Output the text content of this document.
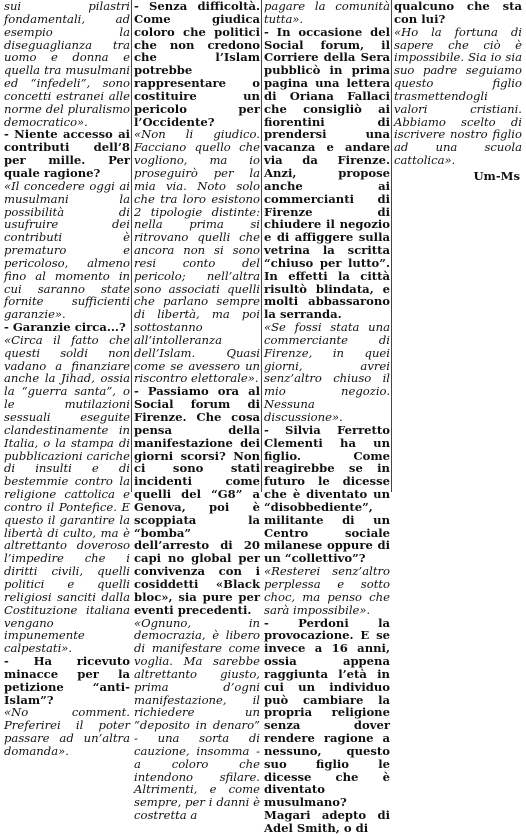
sui pilastri fondamentali, ad esempio la diseguaglianza tra uomo e donna e quella tra musulmani ed “infedeli”, sono concetti estranei alle norme del pluralismo democratico».

- Niente accesso ai contributi dell’8 per mille. Per quale ragione?

«Il concedere oggi ai musulmani la possibilità di usufruire dei contributi è prematuro e pericoloso, almeno fino al momento in cui saranno state fornite sufficienti garanzie».

- Garanzie circa...?

«Circa il fatto che questi soldi non vadano a finanziare anche la Jihad, ossia la “guerra santa”, o le mutilazioni sessuali eseguite clandestinamente in Italia, o la stampa di pubblicazioni cariche di insulti e di bestemmie contro la religione cattolica e contro il Pontefice. E questo il garantire la libertà di culto, ma è altrettanto doveroso l’impedire che i diritti civili, quelli politici e quelli religiosi sanciti dalla Costituzione italiana vengano impunemente calpestati».

- Ha ricevuto minacce per la petizione “anti-Islam”?

«No comment. Preferirei il poter passare ad un’altra domanda».

- Senza difficoltà. Come giudica coloro che politici che non credono che l’Islam potrebbe rappresentare o costituire un pericolo per l’Occidente?

«Non li giudico. Facciano quello che vogliono, ma io proseguirò per la mia via. Noto solo che tra loro esistono 2 tipologie distinte: nella prima si ritrovano quelli che ancora non si sono resi conto del pericolo; nell’altra sono associati quelli che parlano sempre di libertà, ma poi sottostanno all’intolleranza dell’Islam. Quasi come se avessero un riscontro elettorale».

- Passiamo ora al Social forum di Firenze. Che cosa pensa della manifestazione dei giorni scorsi? Non ci sono stati incidenti come quelli del “G8” a Genova, poi è scoppiata la “bomba” dell’arresto di 20 capi no global per convivenza con i cosiddetti «Black bloc», sia pure per eventi precedenti.

«Ognuno, in democrazia, è libero di manifestare come voglia. Ma sarebbe altrettanto giusto, prima d’ogni manifestazione, il richiedere un “deposito in denaro” - una sorta di cauzione, insomma - a coloro che intendono sfilare. Altrimenti, e come sempre, per i danni è costretta a

pagare la comunità tutta».

- In occasione del Social forum, il Corriere della Sera pubblicò in prima pagina una lettera di Oriana Fallaci che consigliò ai fiorentini di prendersi una vacanza e andare via da Firenze. Anzi, propose anche ai commercianti di Firenze di chiudere il negozio e di affiggere sulla vetrina la scritta “chiuso per lutto”. In effetti la città risultò blindata, e molti abbassarono la serranda.

«Se fossi stata una commerciante di Firenze, in quei giorni, avrei senz’altro chiuso il mio negozio. Nessuna discussione».

- Silvia Ferretto Clementi ha un figlio. Come reagirebbe se in futuro le dicesse che è diventato un “disobbediente”, militante di un Centro sociale milanese oppure di un “collettivo”?

«Resterei senz’altro perplessa e sotto choc, ma penso che sarà impossibile».

- Perdoni la provocazione. E se invece a 16 anni, ossia appena raggiunta l’età in cui un individuo può cambiare la propria religione senza dover rendere ragione a nessuno, questo suo figlio le dicesse che è diventato musulmano? Magari adepto di Adel Smith, o di

qualcuno che sta con lui?

«Ho la fortuna di sapere che ciò è impossibile. Sia io sia suo padre seguiamo questo figlio trasmettendogli valori cristiani. Abbiamo scelto di iscrivere nostro figlio ad una scuola cattolica».

Um-Ms
